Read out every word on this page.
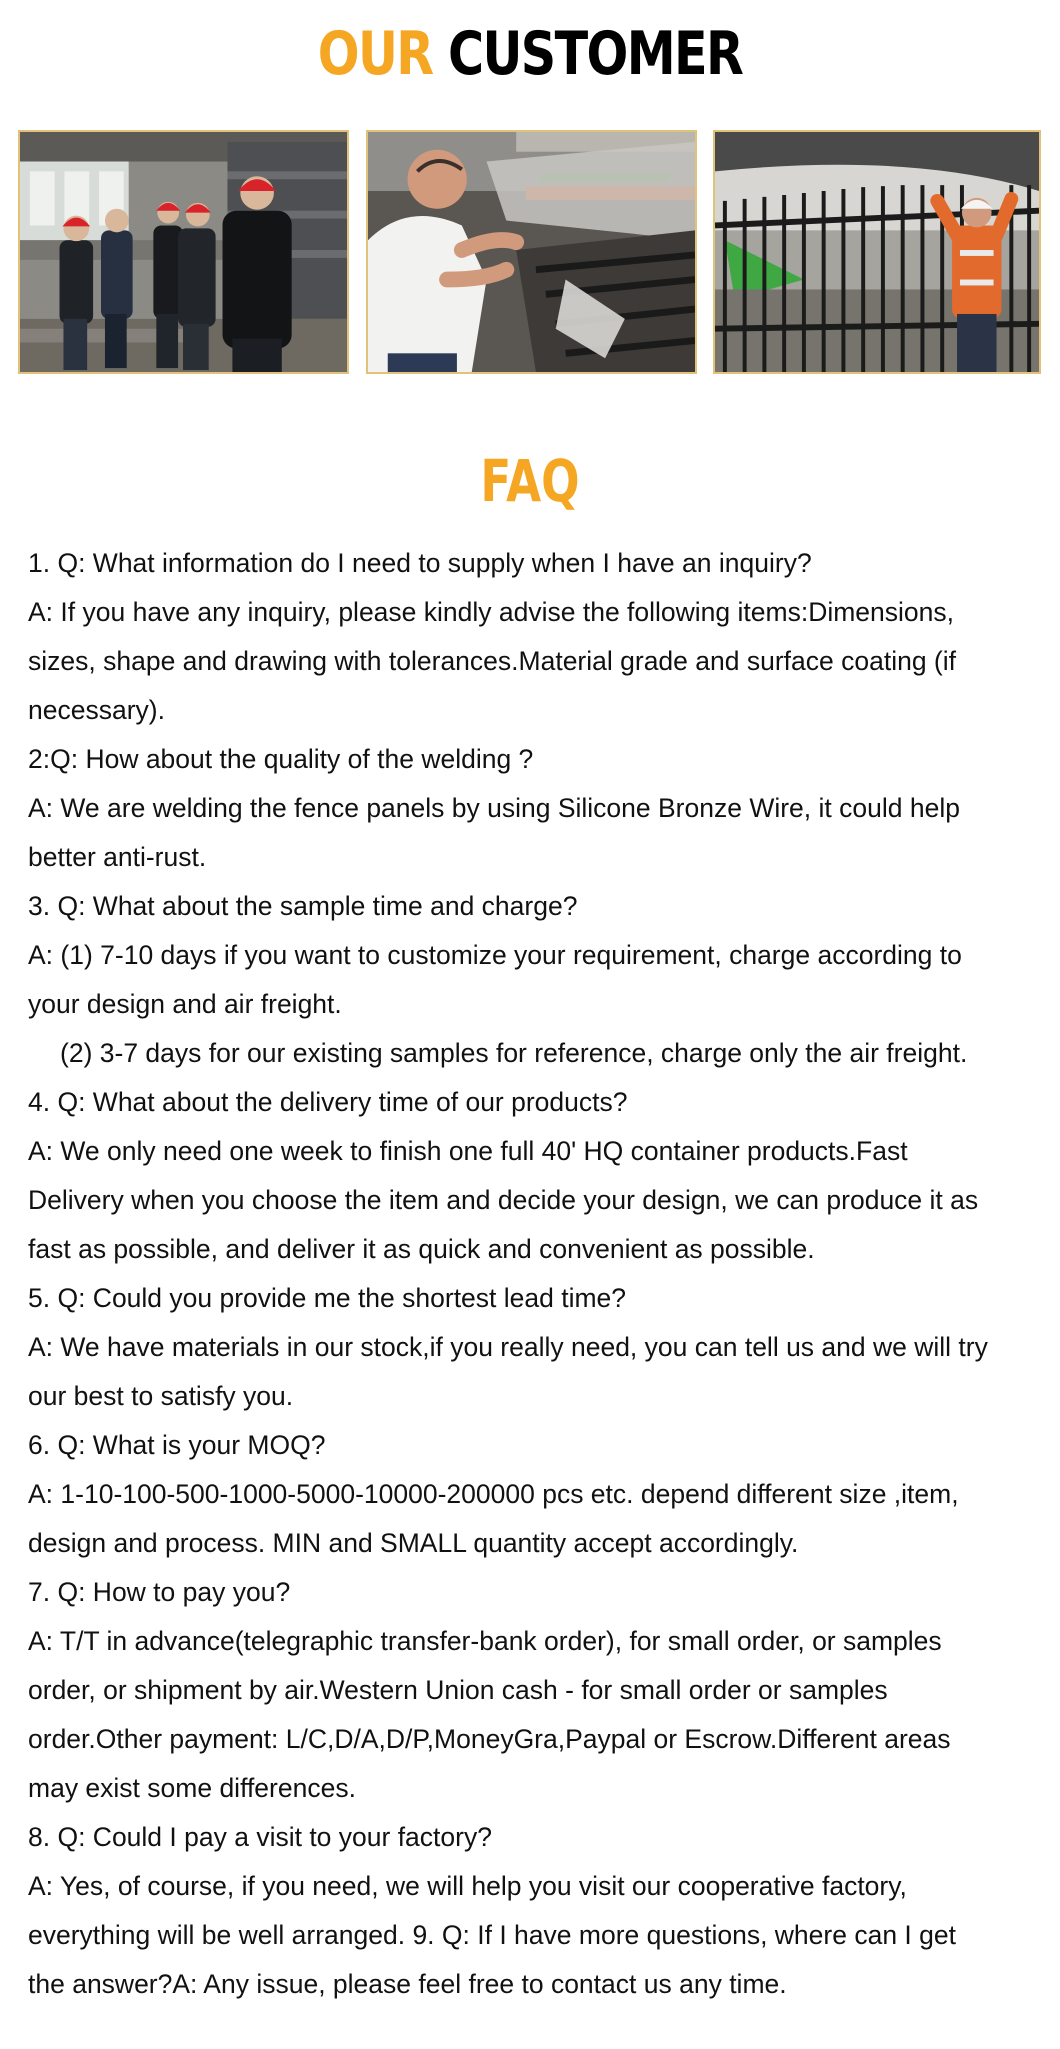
OUR CUSTOMER
FAQ

1. Q: What information do I need to supply when I have an inquiry?

A: If you have any inquiry, please kindly advise the following items:Dimensions,

sizes, shape and drawing with tolerances.Material grade and surface coating (if

necessary).

2:Q: How about the quality of the welding ?

A: We are welding the fence panels by using Silicone Bronze Wire, it could help

better anti-rust.

3. Q: What about the sample time and charge?

A: (1) 7-10 days if you want to customize your requirement, charge according to

your design and air freight.

(2) 3-7 days for our existing samples for reference, charge only the air freight.

4. Q: What about the delivery time of our products?

A: We only need one week to finish one full 40' HQ container products.Fast

Delivery when you choose the item and decide your design, we can produce it as

fast as possible, and deliver it as quick and convenient as possible.

5. Q: Could you provide me the shortest lead time?

A: We have materials in our stock,if you really need, you can tell us and we will try

our best to satisfy you.

6. Q: What is your MOQ?

A: 1-10-100-500-1000-5000-10000-200000 pcs etc. depend different size ,item,

design and process. MIN and SMALL quantity accept accordingly.

7. Q: How to pay you?

A: T/T in advance(telegraphic transfer-bank order), for small order, or samples

order, or shipment by air.Western Union cash - for small order or samples

order.Other payment: L/C,D/A,D/P,MoneyGra,Paypal or Escrow.Different areas

may exist some differences.

8. Q: Could I pay a visit to your factory?

A: Yes, of course, if you need, we will help you visit our cooperative factory,

everything will be well arranged. 9. Q: If I have more questions, where can I get

the answer?A: Any issue, please feel free to contact us any time.
